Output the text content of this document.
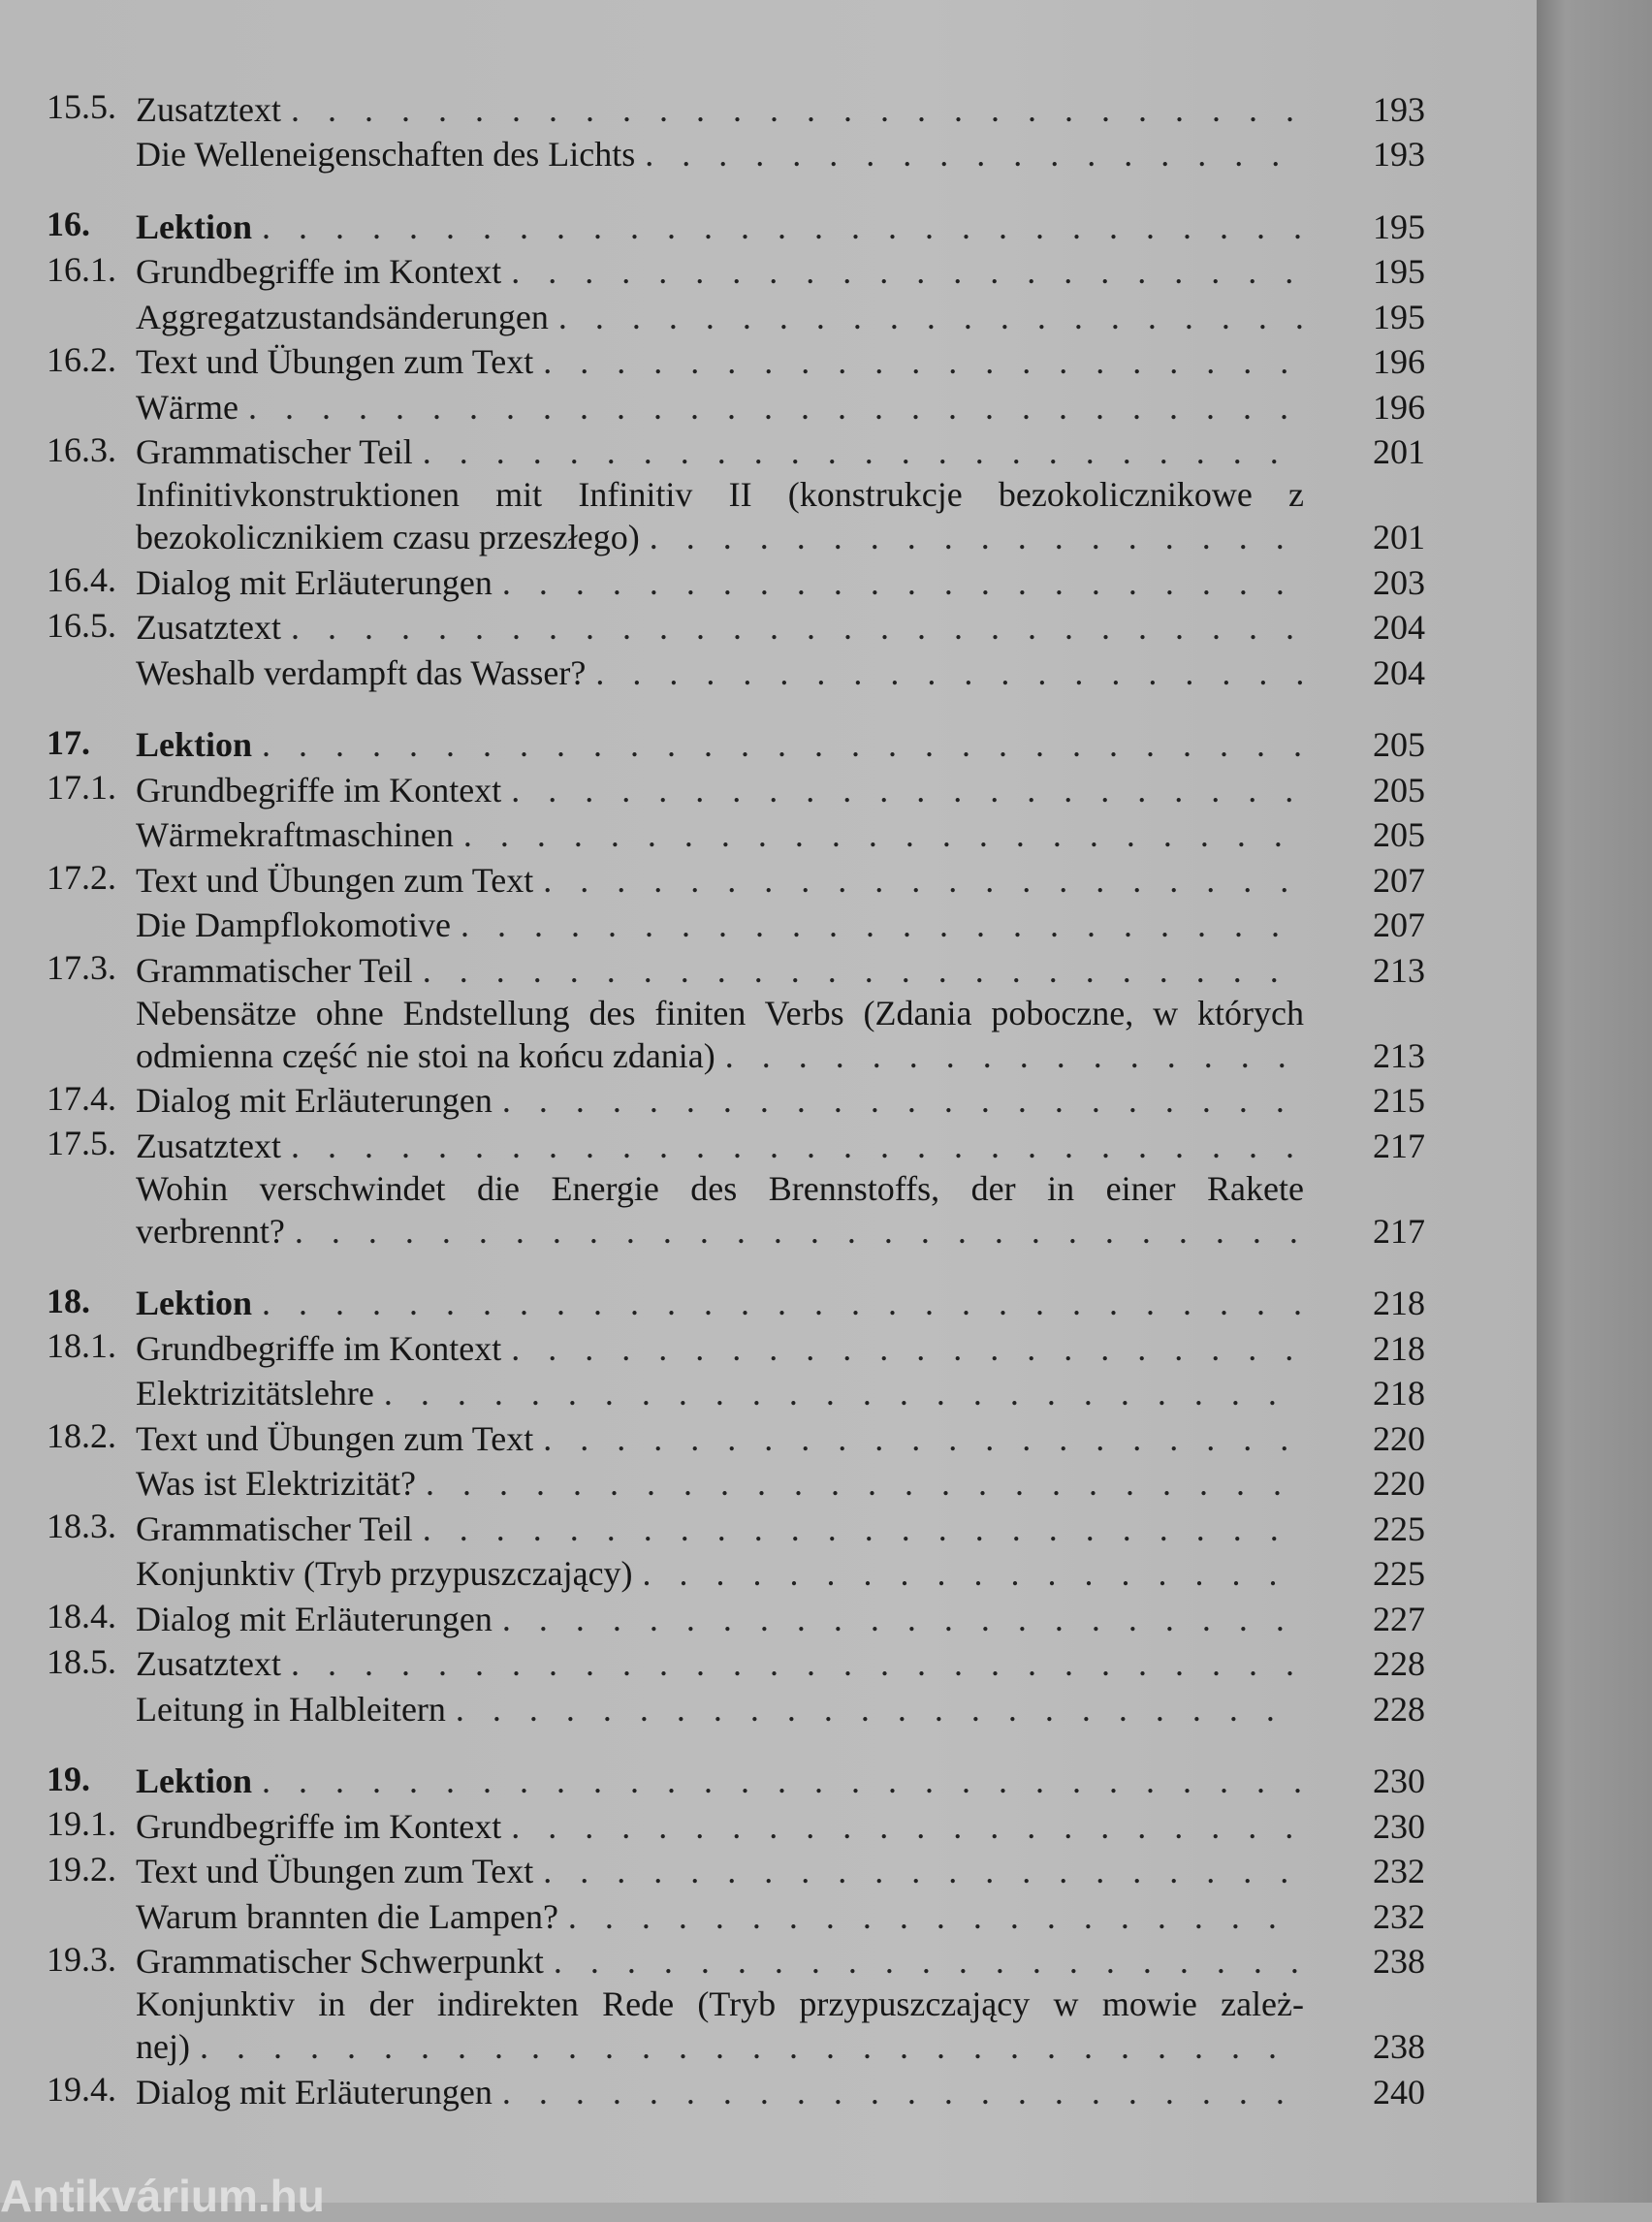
15.5. Zusatztext . . .	193
Die Welleneigenschaften des Lichts . . .	193
16.	Lektion . . .	195
16.1. Grundbegriffe im Kontext . . .	195
Aggregatzustandsänderungen . . .	195
16.2. Text und Übungen zum Text . . .	196
Wärme . . .	196
16.3. Grammatischer Teil . . .	201
Infinitivkonstruktionen mit Infinitiv II (konstrukcje bezokolicznikowe z
bezokolicznikiem czasu przeszłego) . . .	201
16.4. Dialog mit Erläuterungen . . .	203
16.5. Zusatztext . . .	204
Weshalb verdampft das Wasser? . . .	204
17.	Lektion . . .	205
17.1. Grundbegriffe im Kontext . . .	205
Wärmekraftmaschinen . . .	205
17.2. Text und Übungen zum Text . . .	207
Die Dampflokomotive . . .	207
17.3. Grammatischer Teil . . .	213
Nebensätze ohne Endstellung des finiten Verbs (Zdania poboczne, w których
odmienna część nie stoi na końcu zdania) . . .	213
17.4. Dialog mit Erläuterungen . . .	215
17.5. Zusatztext . . .	217
Wohin verschwindet die Energie des Brennstoffs, der in einer Rakete
verbrennt? . . .	217
18.	Lektion . . .	218
18.1. Grundbegriffe im Kontext . . .	218
Elektrizitätslehre . . .	218
18.2. Text und Übungen zum Text . . .	220
Was ist Elektrizität? . . .	220
18.3. Grammatischer Teil . . .	225
Konjunktiv (Tryb przypuszczający) . . .	225
18.4. Dialog mit Erläuterungen . . .	227
18.5. Zusatztext . . .	228
Leitung in Halbleitern . . .	228
19.	Lektion . . .	230
19.1. Grundbegriffe im Kontext . . .	230
19.2. Text und Übungen zum Text . . .	232
Warum brannten die Lampen? . . .	232
19.3. Grammatischer Schwerpunkt . . .	238
Konjunktiv in der indirekten Rede (Tryb przypuszczający w mowie zależ-
nej) . . .	238
19.4. Dialog mit Erläuterungen . . .	240
Antikvárium.hu
